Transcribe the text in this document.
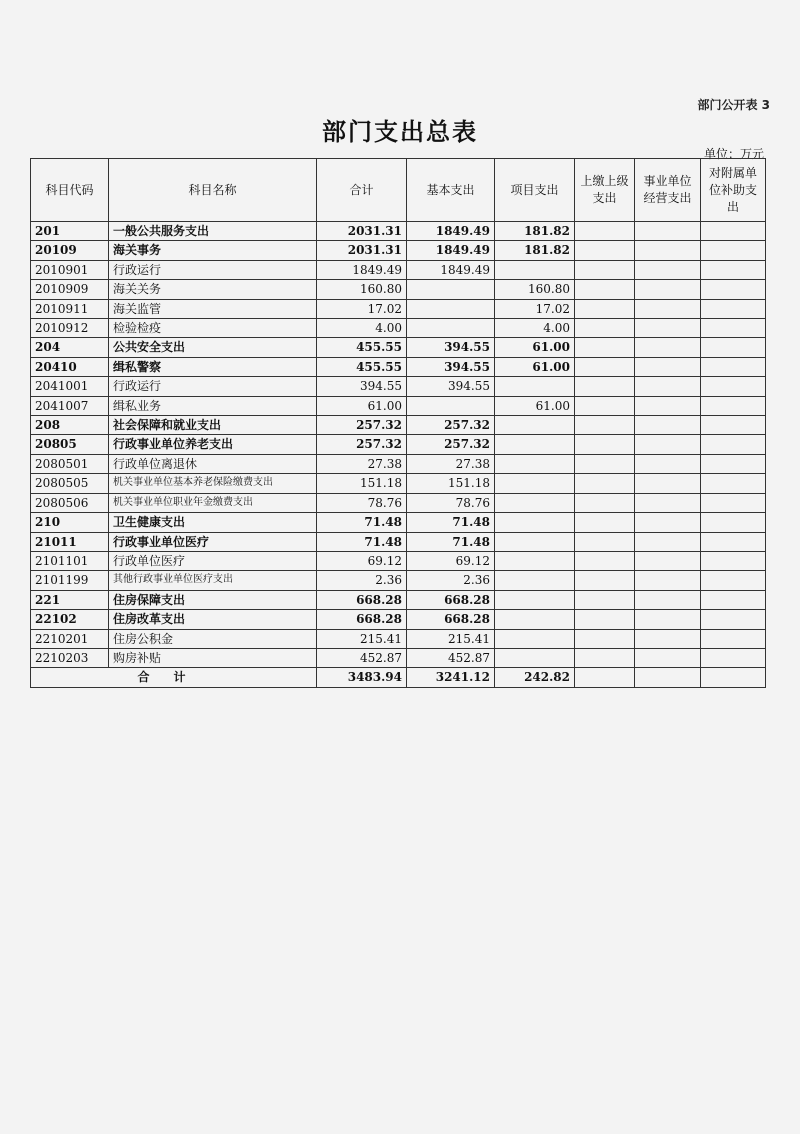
部门公开表 3
部门支出总表
单位：万元
科目代码	科目名称	合计	基本支出	项目支出	上缴上级支出	事业单位经营支出	对附属单位补助支出
201	一般公共服务支出	2031.31	1849.49	181.82			
20109	海关事务	2031.31	1849.49	181.82			
2010901	行政运行	1849.49	1849.49				
2010909	海关关务	160.80		160.80			
2010911	海关监管	17.02		17.02			
2010912	检验检疫	4.00		4.00			
204	公共安全支出	455.55	394.55	61.00			
20410	缉私警察	455.55	394.55	61.00			
2041001	行政运行	394.55	394.55				
2041007	缉私业务	61.00		61.00			
208	社会保障和就业支出	257.32	257.32				
20805	行政事业单位养老支出	257.32	257.32				
2080501	行政单位离退休	27.38	27.38				
2080505	机关事业单位基本养老保险缴费支出	151.18	151.18				
2080506	机关事业单位职业年金缴费支出	78.76	78.76				
210	卫生健康支出	71.48	71.48				
21011	行政事业单位医疗	71.48	71.48				
2101101	行政单位医疗	69.12	69.12				
2101199	其他行政事业单位医疗支出	2.36	2.36				
221	住房保障支出	668.28	668.28				
22102	住房改革支出	668.28	668.28				
2210201	住房公积金	215.41	215.41				
2210203	购房补贴	452.87	452.87				
合计		3483.94	3241.12	242.82			
